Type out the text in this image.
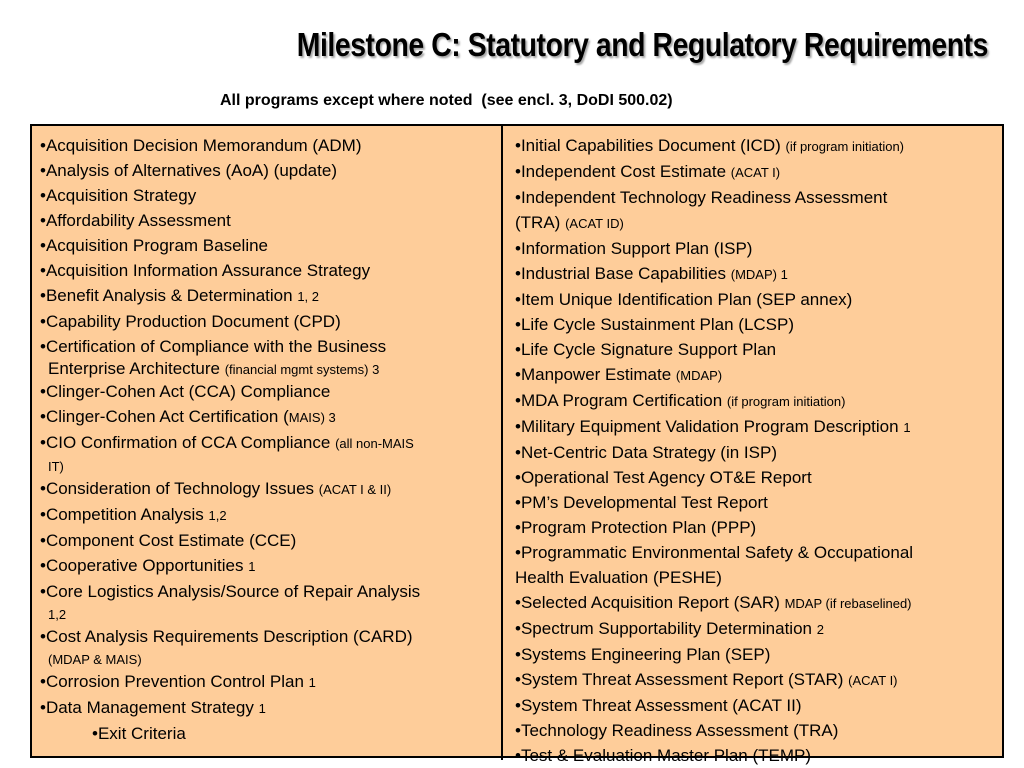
Milestone C: Statutory and Regulatory Requirements
All programs except where noted  (see encl. 3, DoDI 500.02)
•Acquisition Decision Memorandum (ADM)
•Analysis of Alternatives (AoA) (update)
•Acquisition Strategy
•Affordability Assessment
•Acquisition Program Baseline
•Acquisition Information Assurance Strategy
•Benefit Analysis & Determination 1, 2
•Capability Production Document (CPD)
•Certification of Compliance with the Business
Enterprise Architecture (financial mgmt systems) 3
•Clinger-Cohen Act (CCA) Compliance
•Clinger-Cohen Act Certification (MAIS) 3
•CIO Confirmation of CCA Compliance (all non-MAIS
IT)
•Consideration of Technology Issues (ACAT I & II)
•Competition Analysis 1,2
•Component Cost Estimate (CCE)
•Cooperative Opportunities 1
•Core Logistics Analysis/Source of Repair Analysis
1,2
•Cost Analysis Requirements Description (CARD)
(MDAP & MAIS)
•Corrosion Prevention Control Plan 1
•Data Management Strategy 1
•Exit Criteria
•Initial Capabilities Document (ICD) (if program initiation)
•Independent Cost Estimate (ACAT I)
•Independent Technology Readiness Assessment
(TRA) (ACAT ID)
•Information Support Plan (ISP)
•Industrial Base Capabilities (MDAP) 1
•Item Unique Identification Plan (SEP annex)
•Life Cycle Sustainment Plan (LCSP)
•Life Cycle Signature Support Plan
•Manpower Estimate (MDAP)
•MDA Program Certification (if program initiation)
•Military Equipment Validation Program Description 1
•Net-Centric Data Strategy (in ISP)
•Operational Test Agency OT&E Report
•PM’s Developmental Test Report
•Program Protection Plan (PPP)
•Programmatic Environmental Safety & Occupational
Health Evaluation (PESHE)
•Selected Acquisition Report (SAR) MDAP (if rebaselined)
•Spectrum Supportability Determination 2
•Systems Engineering Plan (SEP)
•System Threat Assessment Report (STAR) (ACAT I)
•System Threat Assessment (ACAT II)
•Technology Readiness Assessment (TRA)
•Test & Evaluation Master Plan (TEMP)
